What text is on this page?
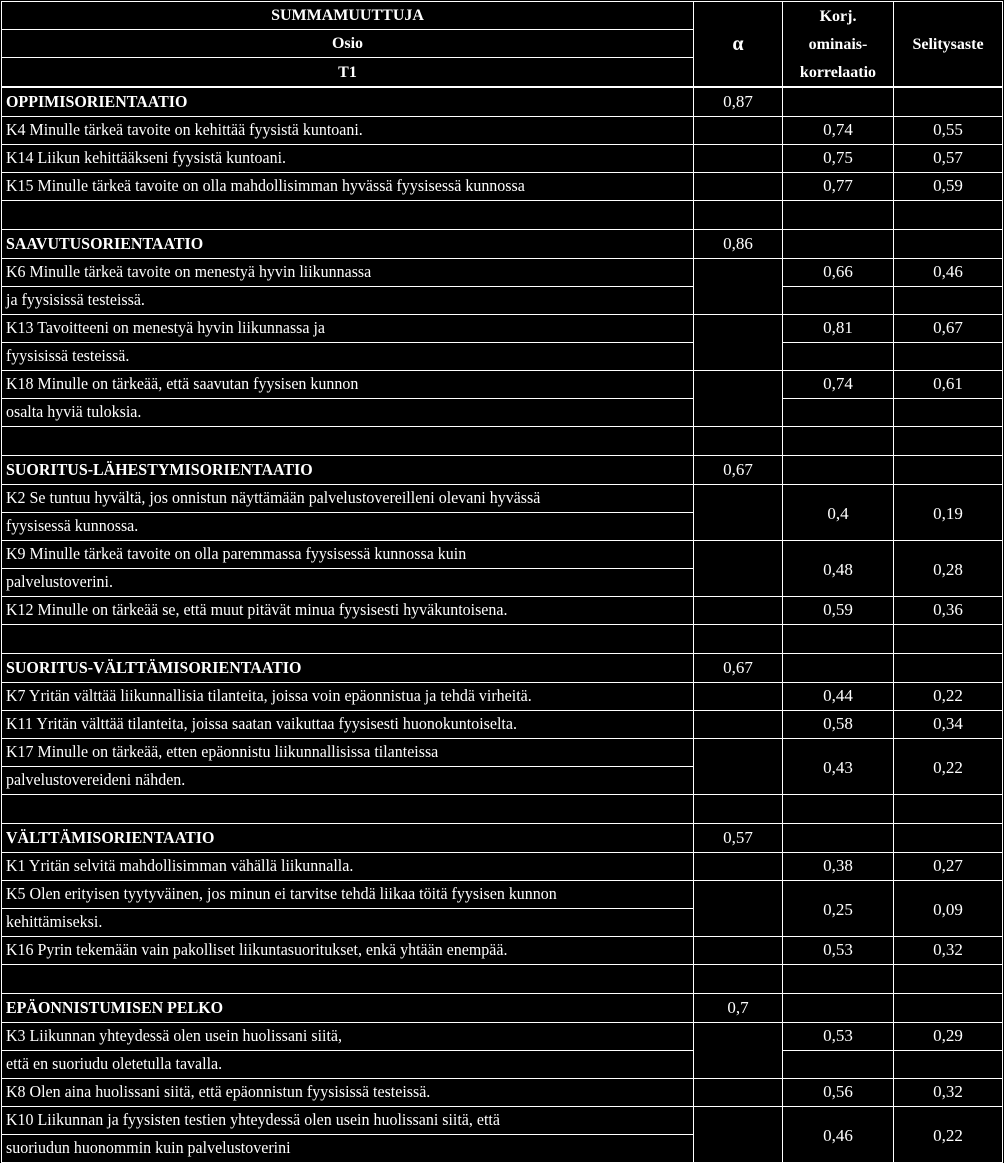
SUMMAMUUTTUJA
Osio
T1
α
Korj.
ominais-
korrelaatio
Selitysaste
OPPIMISORIENTAATIO	0,87
K4 Minulle tärkeä tavoite on kehittää fyysistä kuntoani.	0,74	0,55
K14 Liikun kehittääkseni fyysistä kuntoani.	0,75	0,57
K15 Minulle tärkeä tavoite on olla mahdollisimman hyvässä fyysisessä kunnossa	0,77	0,59
SAAVUTUSORIENTAATIO	0,86
K6 Minulle tärkeä tavoite on menestyä hyvin liikunnassa
ja fyysisissä testeissä.
0,66	0,46
K13 Tavoitteeni on menestyä hyvin liikunnassa ja
fyysisissä testeissä.
0,81	0,67
K18 Minulle on tärkeää, että saavutan fyysisen kunnon
osalta hyviä tuloksia.
0,74	0,61
SUORITUS-LÄHESTYMISORIENTAATIO	0,67
K2 Se tuntuu hyvältä, jos onnistun näyttämään palvelustovereilleni olevani hyvässä
fyysisessä kunnossa.
0,4	0,19
K9 Minulle tärkeä tavoite on olla paremmassa fyysisessä kunnossa kuin
palvelustoverini.
0,48	0,28
K12 Minulle on tärkeää se, että muut pitävät minua fyysisesti hyväkuntoisena.	0,59	0,36
SUORITUS-VÄLTTÄMISORIENTAATIO	0,67
K7 Yritän välttää liikunnallisia tilanteita, joissa voin epäonnistua ja tehdä virheitä.	0,44	0,22
K11 Yritän välttää tilanteita, joissa saatan vaikuttaa fyysisesti huonokuntoiselta.	0,58	0,34
K17 Minulle on tärkeää, etten epäonnistu liikunnallisissa tilanteissa
palvelustovereideni nähden.
0,43	0,22
VÄLTTÄMISORIENTAATIO	0,57
K1 Yritän selvitä mahdollisimman vähällä liikunnalla.	0,38	0,27
K5 Olen erityisen tyytyväinen, jos minun ei tarvitse tehdä liikaa töitä fyysisen kunnon
kehittämiseksi.
0,25	0,09
K16 Pyrin tekemään vain pakolliset liikuntasuoritukset, enkä yhtään enempää.	0,53	0,32
EPÄONNISTUMISEN PELKO	0,7
K3 Liikunnan yhteydessä olen usein huolissani siitä,
että en suoriudu oletetulla tavalla.
0,53	0,29
K8 Olen aina huolissani siitä, että epäonnistun fyysisissä testeissä.	0,56	0,32
K10 Liikunnan ja fyysisten testien yhteydessä olen usein huolissani siitä, että
suoriudun huonommin kuin palvelustoverini
0,46	0,22
